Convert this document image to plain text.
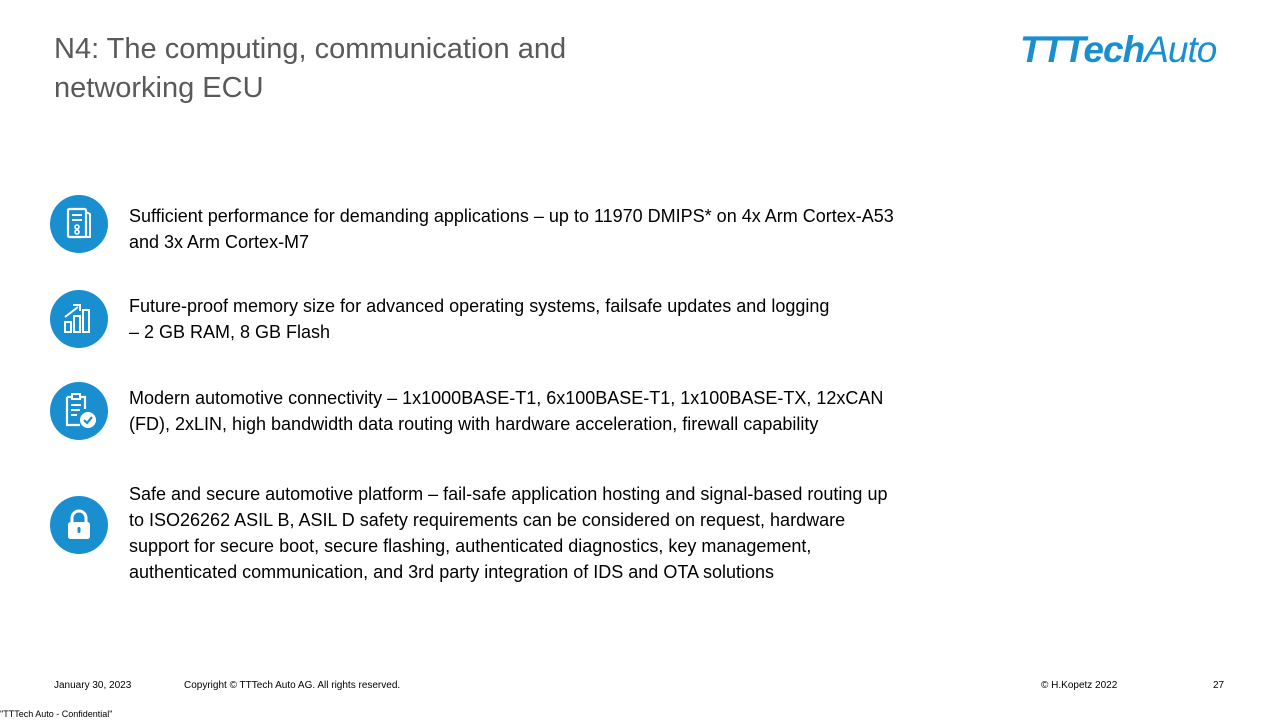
N4: The computing, communication and
networking ECU
TTTechAuto
Sufficient performance for demanding applications – up to 11970 DMIPS* on 4x Arm Cortex-A53
and 3x Arm Cortex-M7
Future-proof memory size for advanced operating systems, failsafe updates and logging
– 2 GB RAM, 8 GB Flash
Modern automotive connectivity – 1x1000BASE-T1, 6x100BASE-T1, 1x100BASE-TX, 12xCAN
(FD), 2xLIN, high bandwidth data routing with hardware acceleration, firewall capability
Safe and secure automotive platform – fail-safe application hosting and signal-based routing up
to ISO26262 ASIL B, ASIL D safety requirements can be considered on request, hardware
support for secure boot, secure flashing, authenticated diagnostics, key management,
authenticated communication, and 3rd party integration of IDS and OTA solutions
January 30, 2023	Copyright © TTTech Auto AG. All rights reserved.	© H.Kopetz 2022	27
"TTTech Auto - Confidential"
